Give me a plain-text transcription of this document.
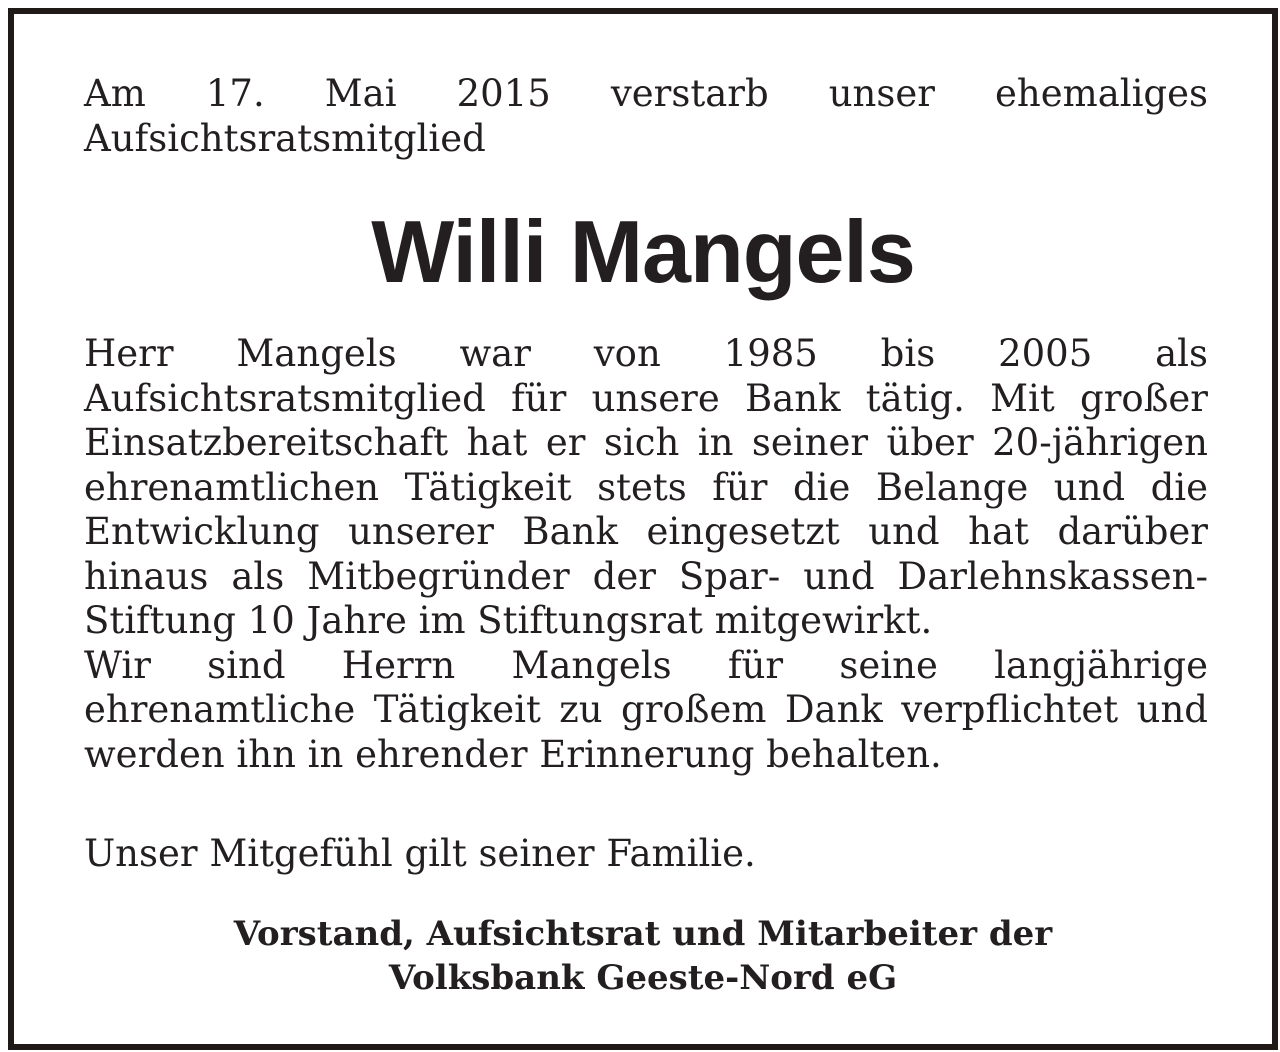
Am 17. Mai 2015 verstarb unser ehemaliges Aufsichtsratsmitglied

Willi Mangels

Herr Mangels war von 1985 bis 2005 als Aufsichtsratsmitglied für unsere Bank tätig. Mit großer Einsatzbereitschaft hat er sich in seiner über 20-jährigen ehrenamtlichen Tätigkeit stets für die Belange und die Entwicklung unserer Bank eingesetzt und hat darüber hinaus als Mitbegründer der Spar- und Darlehnskassen-Stiftung 10 Jahre im Stiftungsrat mitgewirkt.

Wir sind Herrn Mangels für seine langjährige ehrenamtliche Tätigkeit zu großem Dank verpflichtet und werden ihn in ehrender Erinnerung behalten.

Unser Mitgefühl gilt seiner Familie.

Vorstand, Aufsichtsrat und Mitarbeiter der
Volksbank Geeste-Nord eG
